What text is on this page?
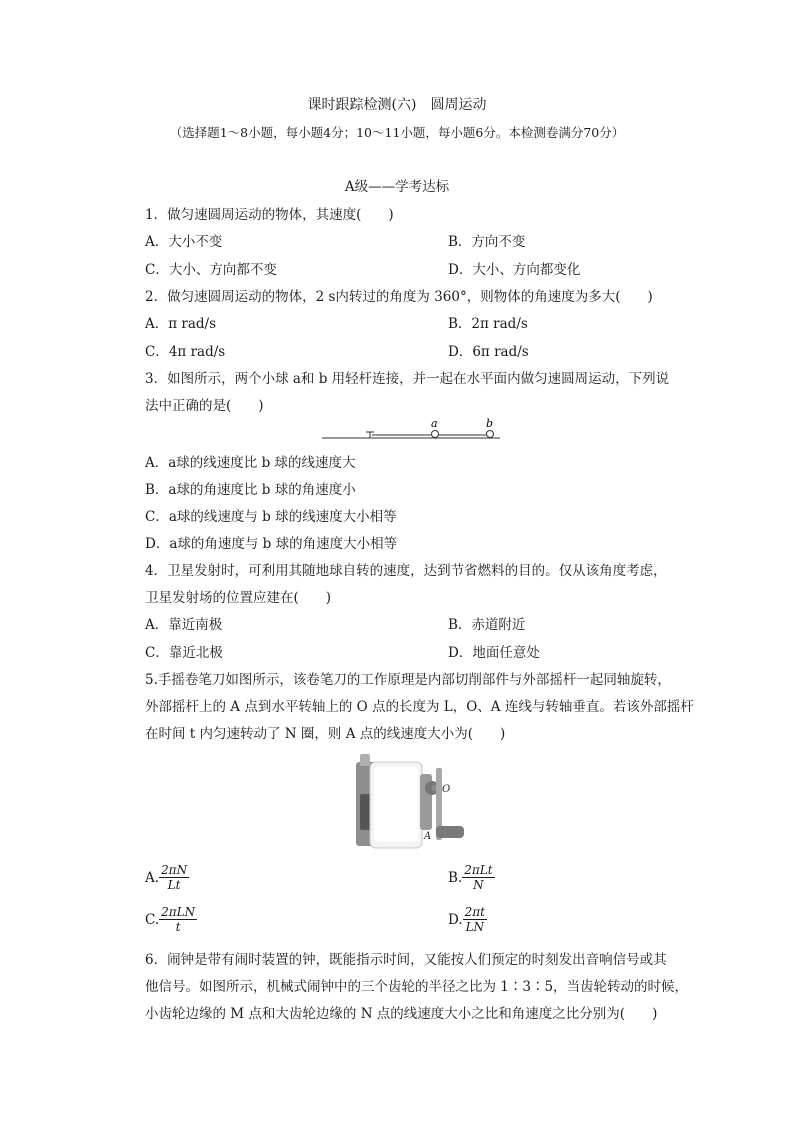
课时跟踪检测(六)　圆周运动
（选择题1～8小题，每小题4分；10～11小题，每小题6分。本检测卷满分70分）
A级——学考达标
1．做匀速圆周运动的物体，其速度(　　)
A．大小不变	B．方向不变
C．大小、方向都不变	D．大小、方向都变化
2．做匀速圆周运动的物体，2 s内转过的角度为 360°，则物体的角速度为多大(　　)
A．π rad/s	B．2π rad/s
C．4π rad/s	D．6π rad/s
3．如图所示，两个小球 a和 b 用轻杆连接，并一起在水平面内做匀速圆周运动，下列说
法中正确的是(　　)
a	b
A．a球的线速度比 b 球的线速度大
B．a球的角速度比 b 球的角速度小
C．a球的线速度与 b 球的线速度大小相等
D．a球的角速度与 b 球的角速度大小相等
4．卫星发射时，可利用其随地球自转的速度，达到节省燃料的目的。仅从该角度考虑，
卫星发射场的位置应建在(　　)
A．靠近南极	B．赤道附近
C．靠近北极	D．地面任意处
5.手摇卷笔刀如图所示，该卷笔刀的工作原理是内部切削部件与外部摇杆一起同轴旋转，
外部摇杆上的 A 点到水平转轴上的 O 点的长度为 L，O、A 连线与转轴垂直。若该外部摇杆
在时间 t 内匀速转动了 N 圈，则 A 点的线速度大小为(　　)
O
A
A. $\frac{2\pi N}{Lt}$	B. $\frac{\text{2πLt}}{N}$
C. $\frac{\text{2πLN}}{t}$	D. $\frac{2\pi t}{LN}$
6．闹钟是带有闹时装置的钟，既能指示时间，又能按人们预定的时刻发出音响信号或其
他信号。如图所示，机械式闹钟中的三个齿轮的半径之比为 1∶3∶5，当齿轮转动的时候，
小齿轮边缘的 M 点和大齿轮边缘的 N 点的线速度大小之比和角速度之比分别为(　　)
